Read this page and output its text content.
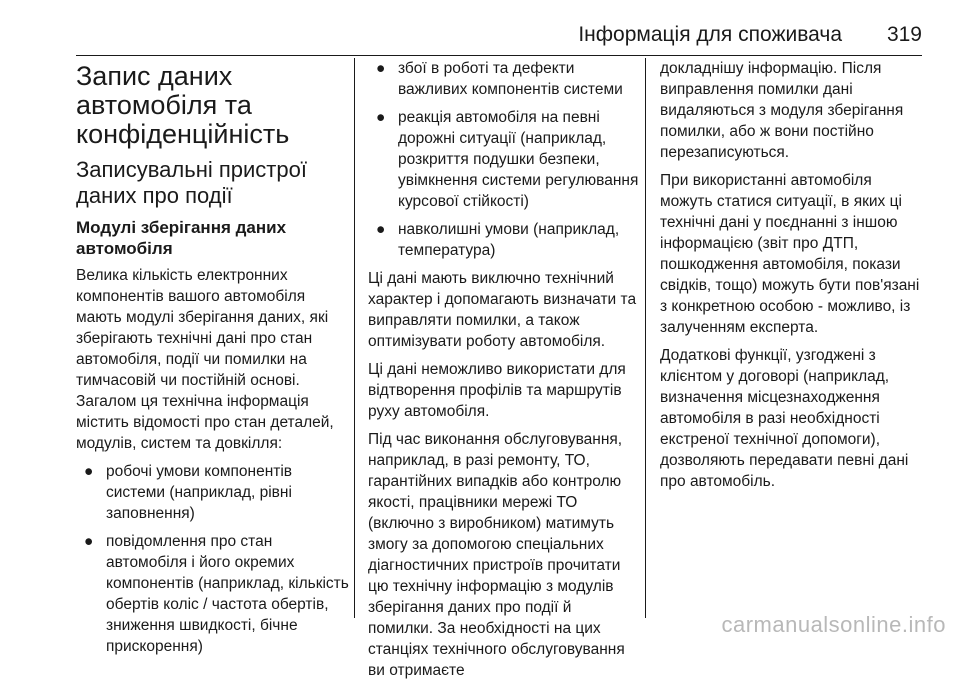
Інформація для споживача 319
Запис даних
автомобіля та
конфіденційність
Записувальні пристрої
даних про події
Модулі зберігання даних
автомобіля

Велика кількість електронних компонентів вашого автомобіля мають модулі зберігання даних, які зберігають технічні дані про стан автомобіля, події чи помилки на тимчасовій чи постійній основі. Загалом ця технічна інформація містить відомості про стан деталей, модулів, систем та довкілля:

● робочі умови компонентів системи (наприклад, рівні заповнення)
● повідомлення про стан автомобіля і його окремих компонентів (наприклад, кількість обертів коліс / частота обертів, зниження швидкості, бічне прискорення)
● збої в роботі та дефекти важливих компонентів системи
● реакція автомобіля на певні дорожні ситуації (наприклад, розкриття подушки безпеки, увімкнення системи регулювання курсової стійкості)
● навколишні умови (наприклад, температура)

Ці дані мають виключно технічний характер і допомагають визначати та виправляти помилки, а також оптимізувати роботу автомобіля.

Ці дані неможливо використати для відтворення профілів та маршрутів руху автомобіля.

Під час виконання обслуговування, наприклад, в разі ремонту, ТО, гарантійних випадків або контролю якості, працівники мережі ТО (включно з виробником) матимуть змогу за допомогою спеціальних діагностичних пристроїв прочитати цю технічну інформацію з модулів зберігання даних про події й помилки. За необхідності на цих станціях технічного обслуговування ви отримаєте

докладнішу інформацію. Після виправлення помилки дані видаляються з модуля зберігання помилки, або ж вони постійно перезаписуються.

При використанні автомобіля можуть статися ситуації, в яких ці технічні дані у поєднанні з іншою інформацією (звіт про ДТП, пошкодження автомобіля, покази свідків, тощо) можуть бути пов'язані з конкретною особою - можливо, із залученням експерта.

Додаткові функції, узгоджені з клієнтом у договорі (наприклад, визначення місцезнаходження автомобіля в разі необхідності екстреної технічної допомоги), дозволяють передавати певні дані про автомобіль.

carmanualsonline.info
